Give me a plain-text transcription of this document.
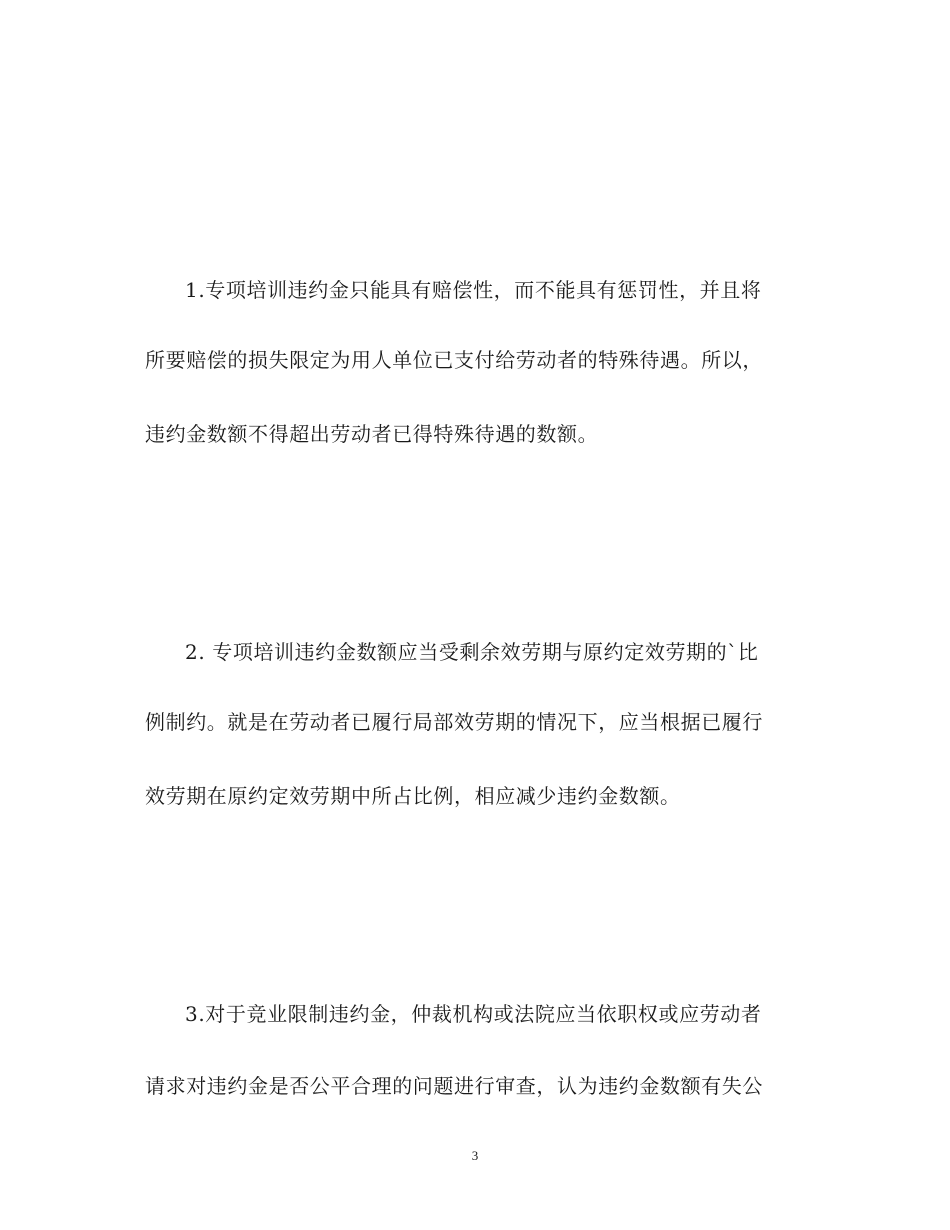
1.专项培训违约金只能具有赔偿性，而不能具有惩罚性，并且将
所要赔偿的损失限定为用人单位已支付给劳动者的特殊待遇。所以，
违约金数额不得超出劳动者已得特殊待遇的数额。
2. 专项培训违约金数额应当受剩余效劳期与原约定效劳期的`比
例制约。就是在劳动者已履行局部效劳期的情况下，应当根据已履行
效劳期在原约定效劳期中所占比例，相应减少违约金数额。
3.对于竞业限制违约金，仲裁机构或法院应当依职权或应劳动者
请求对违约金是否公平合理的问题进行审查，认为违约金数额有失公
3
